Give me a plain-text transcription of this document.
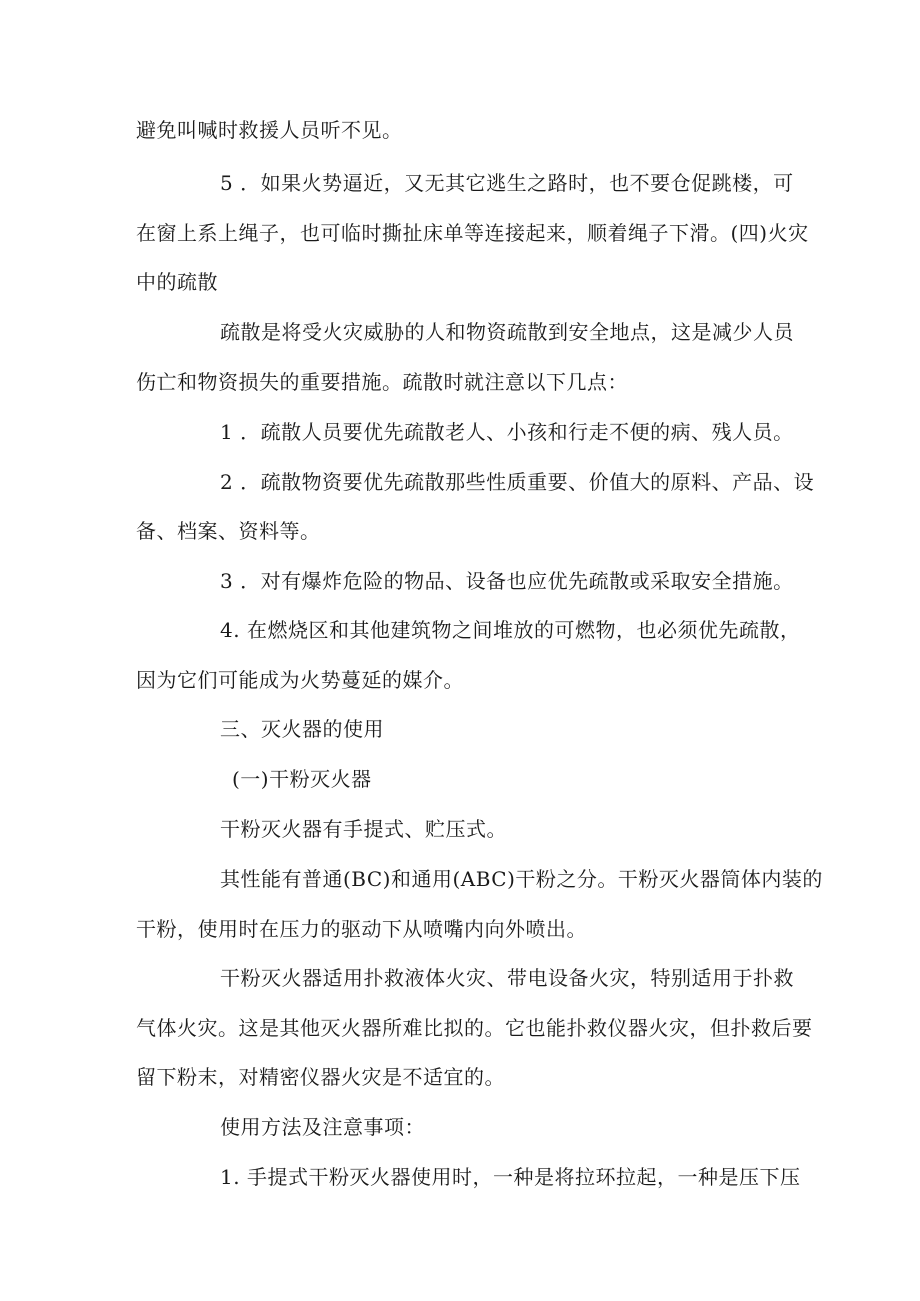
避免叫喊时救援人员听不见。
5 ．如果火势逼近，又无其它逃生之路时，也不要仓促跳楼，可
在窗上系上绳子，也可临时撕扯床单等连接起来，顺着绳子下滑。(四)火灾
中的疏散
疏散是将受火灾威胁的人和物资疏散到安全地点，这是减少人员
伤亡和物资损失的重要措施。疏散时就注意以下几点：
1 ．疏散人员要优先疏散老人、小孩和行走不便的病、残人员。
2 ．疏散物资要优先疏散那些性质重要、价值大的原料、产品、设
备、档案、资料等。
3 ．对有爆炸危险的物品、设备也应优先疏散或采取安全措施。
4. 在燃烧区和其他建筑物之间堆放的可燃物，也必须优先疏散，
因为它们可能成为火势蔓延的媒介。
三、灭火器的使用
(一)干粉灭火器
干粉灭火器有手提式、贮压式。
其性能有普通(BC)和通用(ABC)干粉之分。干粉灭火器筒体内装的
干粉，使用时在压力的驱动下从喷嘴内向外喷出。
干粉灭火器适用扑救液体火灾、带电设备火灾，特别适用于扑救
气体火灾。这是其他灭火器所难比拟的。它也能扑救仪器火灾，但扑救后要
留下粉末，对精密仪器火灾是不适宜的。
使用方法及注意事项：
1. 手提式干粉灭火器使用时，一种是将拉环拉起，一种是压下压
